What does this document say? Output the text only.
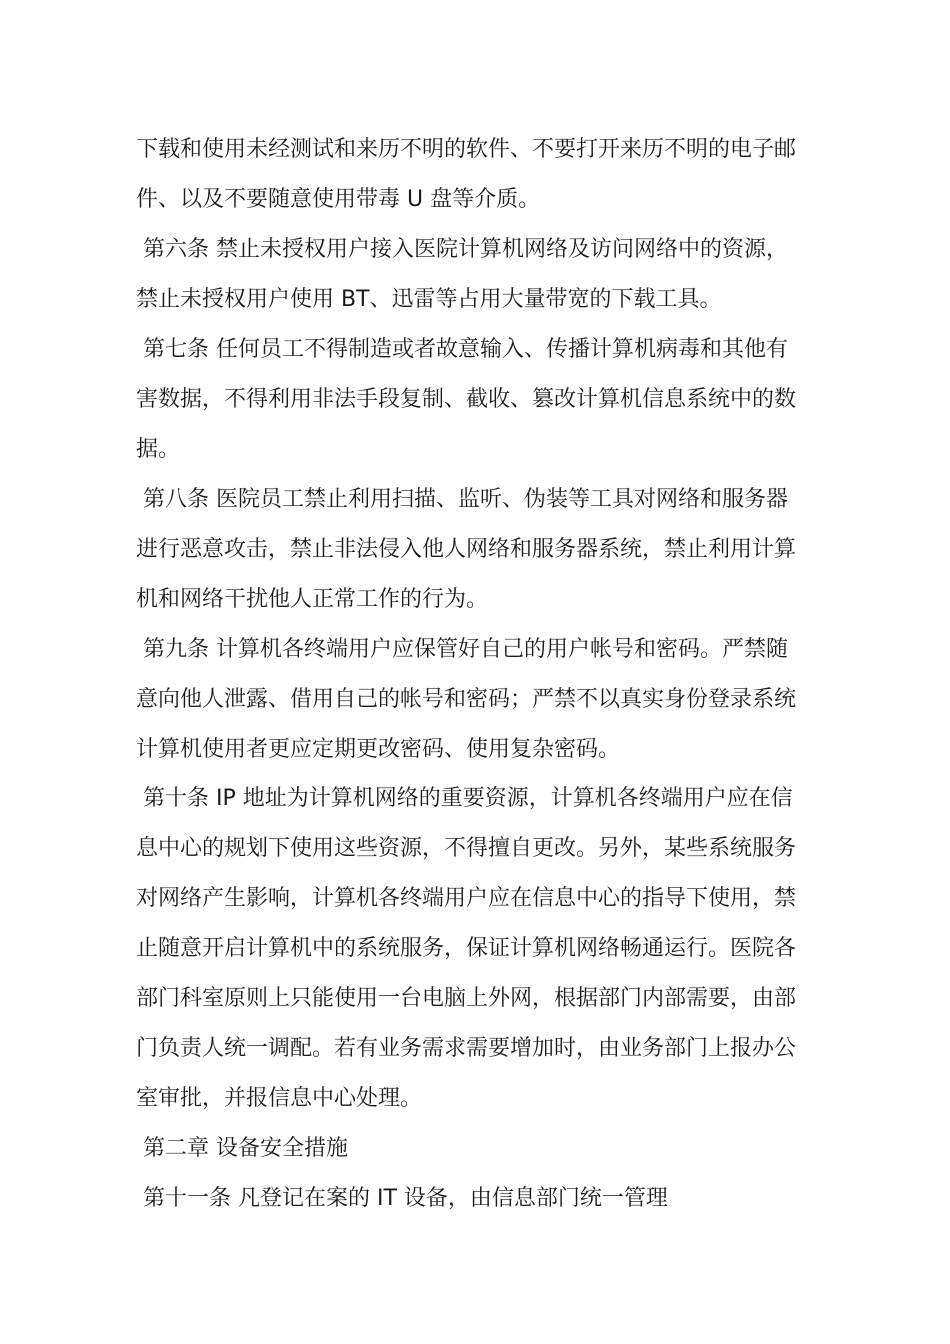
下载和使用未经测试和来历不明的软件、不要打开来历不明的电子邮
件、以及不要随意使用带毒 U 盘等介质。
第六条 禁止未授权用户接入医院计算机网络及访问网络中的资源，
禁止未授权用户使用 BT、迅雷等占用大量带宽的下载工具。
第七条 任何员工不得制造或者故意输入、传播计算机病毒和其他有
害数据，不得利用非法手段复制、截收、篡改计算机信息系统中的数
据。
第八条 医院员工禁止利用扫描、监听、伪装等工具对网络和服务器
进行恶意攻击，禁止非法侵入他人网络和服务器系统，禁止利用计算
机和网络干扰他人正常工作的行为。
第九条 计算机各终端用户应保管好自己的用户帐号和密码。严禁随
意向他人泄露、借用自己的帐号和密码；严禁不以真实身份登录系统
计算机使用者更应定期更改密码、使用复杂密码。
第十条 IP 地址为计算机网络的重要资源，计算机各终端用户应在信
息中心的规划下使用这些资源，不得擅自更改。另外，某些系统服务
对网络产生影响，计算机各终端用户应在信息中心的指导下使用，禁
止随意开启计算机中的系统服务，保证计算机网络畅通运行。医院各
部门科室原则上只能使用一台电脑上外网，根据部门内部需要，由部
门负责人统一调配。若有业务需求需要增加时，由业务部门上报办公
室审批，并报信息中心处理。
第二章 设备安全措施
第十一条 凡登记在案的 IT 设备，由信息部门统一管理
